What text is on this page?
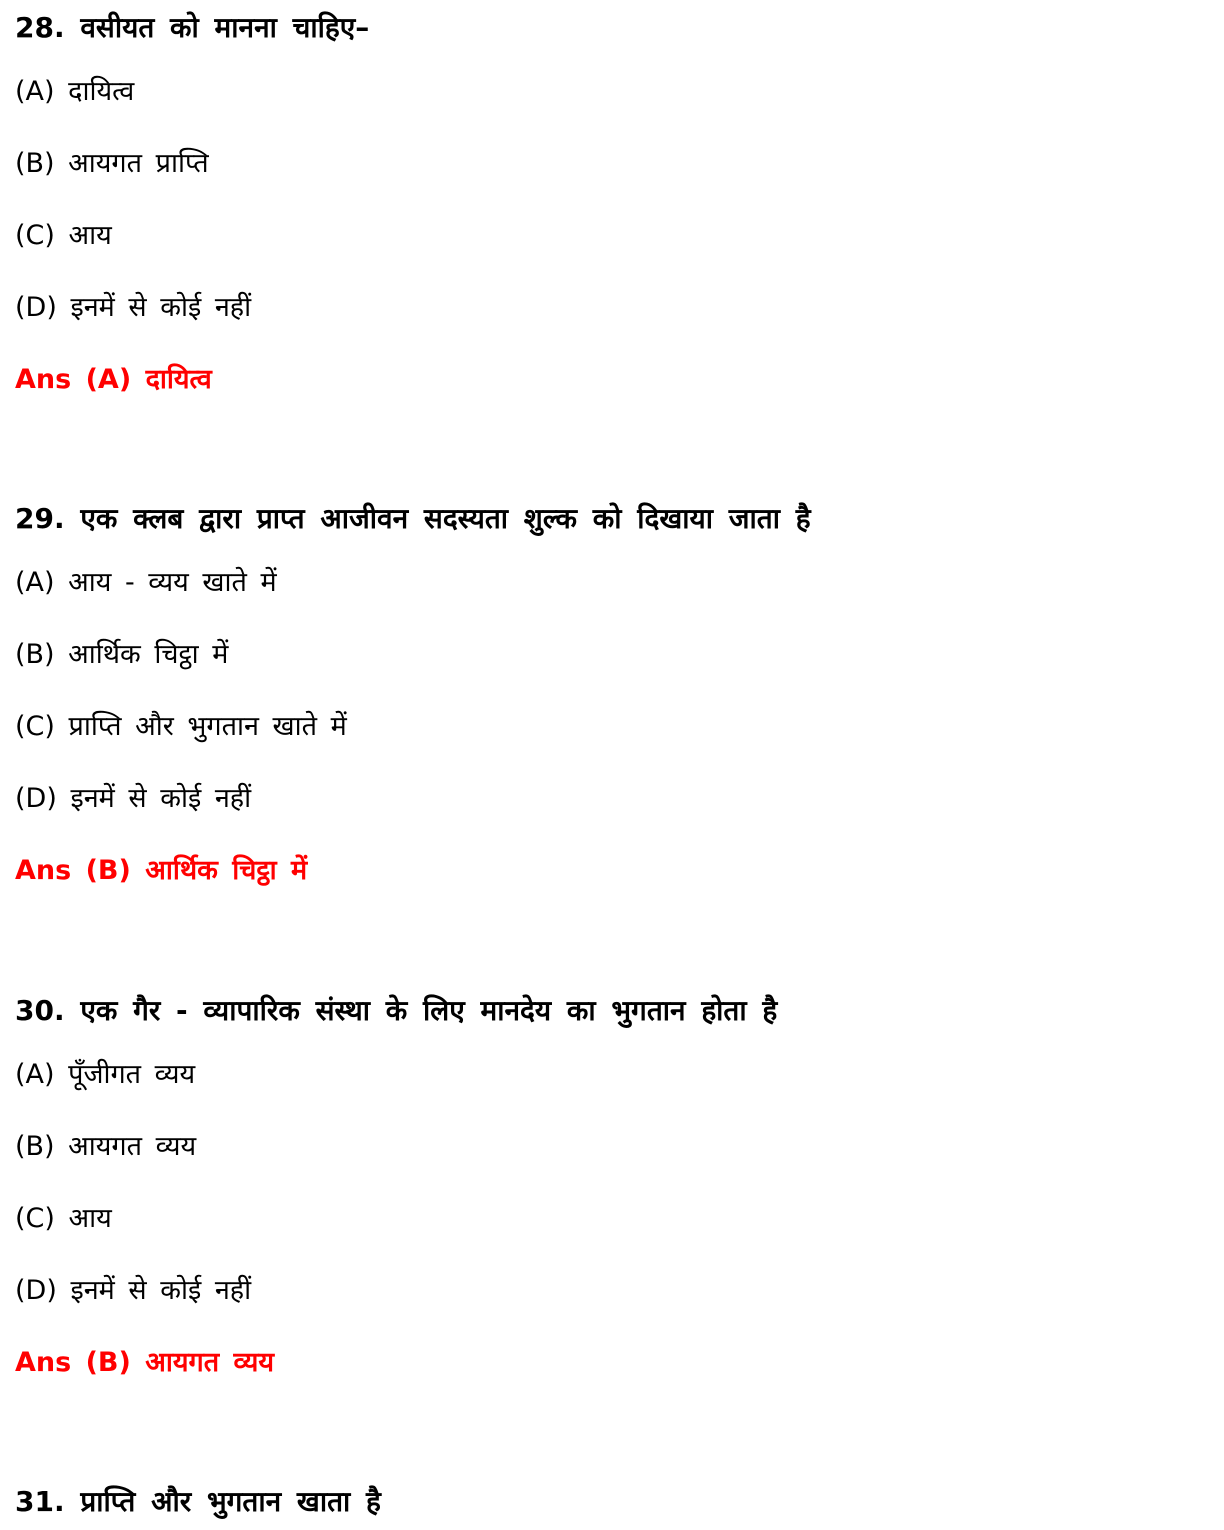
28. वसीयत को मानना चाहिए–
(A) दायित्व
(B) आयगत प्राप्ति
(C) आय
(D) इनमें से कोई नहीं
Ans (A) दायित्व
29. एक क्लब द्वारा प्राप्त आजीवन सदस्यता शुल्क को दिखाया जाता है
(A) आय - व्यय खाते में
(B) आर्थिक चिट्ठा में
(C) प्राप्ति और भुगतान खाते में
(D) इनमें से कोई नहीं
Ans (B) आर्थिक चिट्ठा में
30. एक गैर - व्यापारिक संस्था के लिए मानदेय का भुगतान होता है
(A) पूँजीगत व्यय
(B) आयगत व्यय
(C) आय
(D) इनमें से कोई नहीं
Ans (B) आयगत व्यय
31. प्राप्ति और भुगतान खाता है
